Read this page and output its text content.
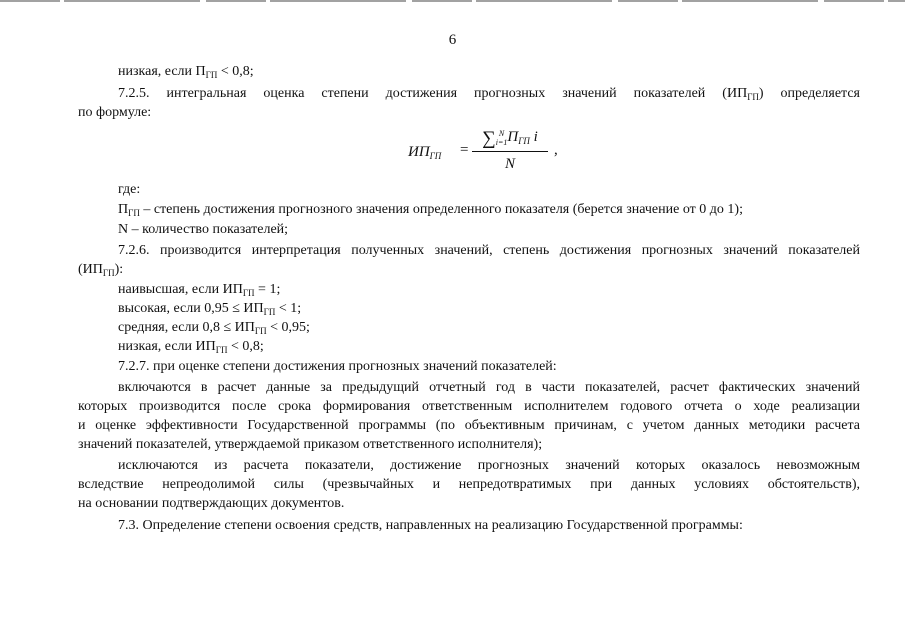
6
низкая, если $П_{ГП} < 0,8$;
7.2.5. интегральная оценка степени достижения прогнозных значений показателей $(ИП_{ГП})$ определяется
по формуле:
$ИП_{ГП}$ =
∑ N
$i=1П_{ГП}$ i
N
,
где:
$П_{ГП}$ – степень достижения прогнозного значения определенного показателя (берется значение от 0 до 1);
N – количество показателей;
7.2.6. производится интерпретация полученных значений, степень достижения прогнозных значений показателей
$(ИП_{ГП})$:
наивысшая, если $ИП_{ГП} = 1$;
высокая, если $0,95 \le ИП_{ГП} < 1$;
средняя, если $0,8 \le ИП_{ГП} < 0,95$;
низкая, если $ИП_{ГП} < 0,8$;
7.2.7. при оценке степени достижения прогнозных значений показателей:
включаются в расчет данные за предыдущий отчетный год в части показателей, расчет фактических значений
которых производится после срока формирования ответственным исполнителем годового отчета о ходе реализации
и оценке эффективности Государственной программы (по объективным причинам, с учетом данных методики расчета
значений показателей, утверждаемой приказом ответственного исполнителя);
исключаются из расчета показатели, достижение прогнозных значений которых оказалось невозможным
вследствие непреодолимой силы (чрезвычайных и непредотвратимых при данных условиях обстоятельств),
на основании подтверждающих документов.
7.3. Определение степени освоения средств, направленных на реализацию Государственной программы:
